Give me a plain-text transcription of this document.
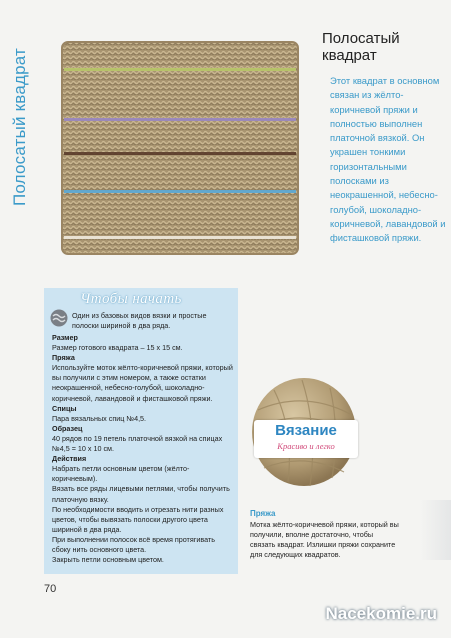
Полосатый квадрат
Полосатый
квадрат
Этот квадрат в основном связан из жёлто-коричневой пряжи и полностью выполнен платочной вязкой. Он украшен тонкими горизонтальными полосками из неокрашенной, небесно-голубой, шоколадно-коричневой, лавандовой и фисташковой пряжи.
Чтобы начать
Один из базовых видов вязки и простые полоски шириной в два ряда.

Размер

Размер готового квадрата – 15 х 15 см.

Пряжа

Используйте моток жёлто-коричневой пряжи, который вы получили с этим номером, а также остатки неокрашенной, небесно-голубой, шоколадно-коричневой, лавандовой и фисташковой пряжи.

Спицы

Пара вязальных спиц №4,5.

Образец

40 рядов по 19 петель платочной вязкой на спицах №4,5 = 10 х 10 см.

Действия

Набрать петли основным цветом (жёлто-коричневым).

Вязать все ряды лицевыми петлями, чтобы получить платочную вязку.

По необходимости вводить и отрезать нити разных цветов, чтобы вывязать полоски другого цвета шириной в два ряда.

При выполнении полосок всё время протягивать сбоку нить основного цвета.

Закрыть петли основным цветом.

Вязание
Красиво и легко
Пряжа
Мотка жёлто-коричневой пряжи, который вы получили, вполне достаточно, чтобы связать квадрат. Излишки пряжи сохраните для следующих квадратов.
70
Nacekomie.ru
